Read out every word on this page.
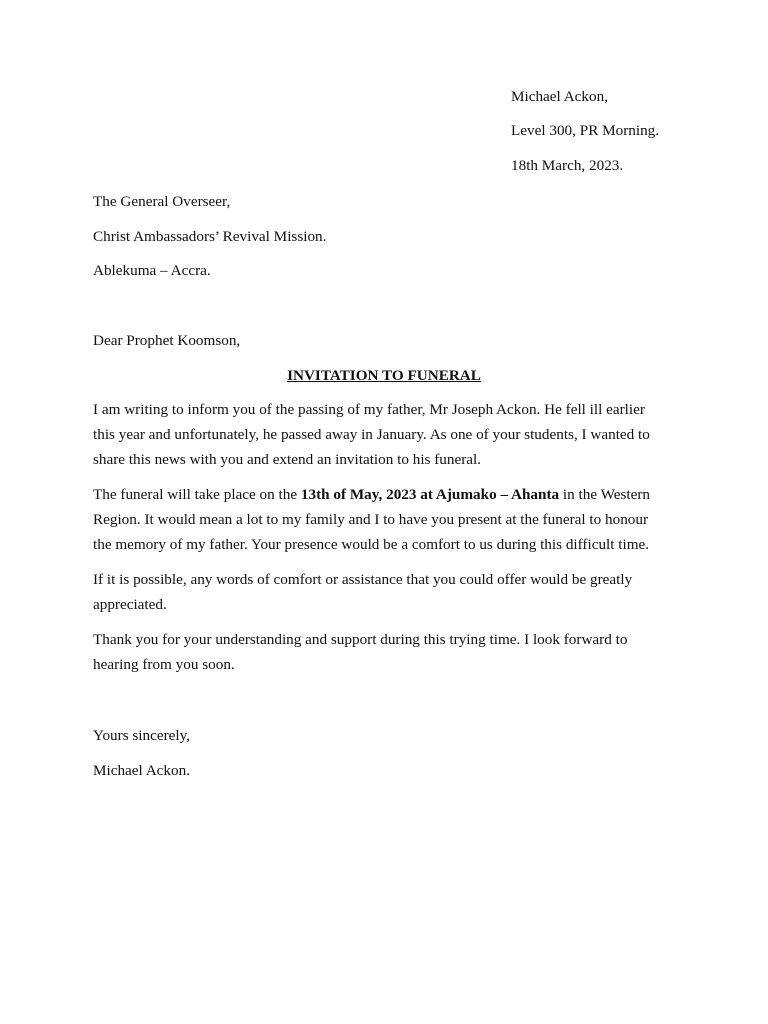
Michael Ackon,
Level 300, PR Morning.
18th March, 2023.
The General Overseer,
Christ Ambassadors’ Revival Mission.
Ablekuma – Accra.
Dear Prophet Koomson,
INVITATION TO FUNERAL
I am writing to inform you of the passing of my father, Mr Joseph Ackon. He fell ill earlier
this year and unfortunately, he passed away in January. As one of your students, I wanted to
share this news with you and extend an invitation to his funeral.
The funeral will take place on the 13th of May, 2023 at Ajumako – Ahanta in the Western
Region. It would mean a lot to my family and I to have you present at the funeral to honour
the memory of my father. Your presence would be a comfort to us during this difficult time.
If it is possible, any words of comfort or assistance that you could offer would be greatly
appreciated.
Thank you for your understanding and support during this trying time. I look forward to
hearing from you soon.
Yours sincerely,
Michael Ackon.
